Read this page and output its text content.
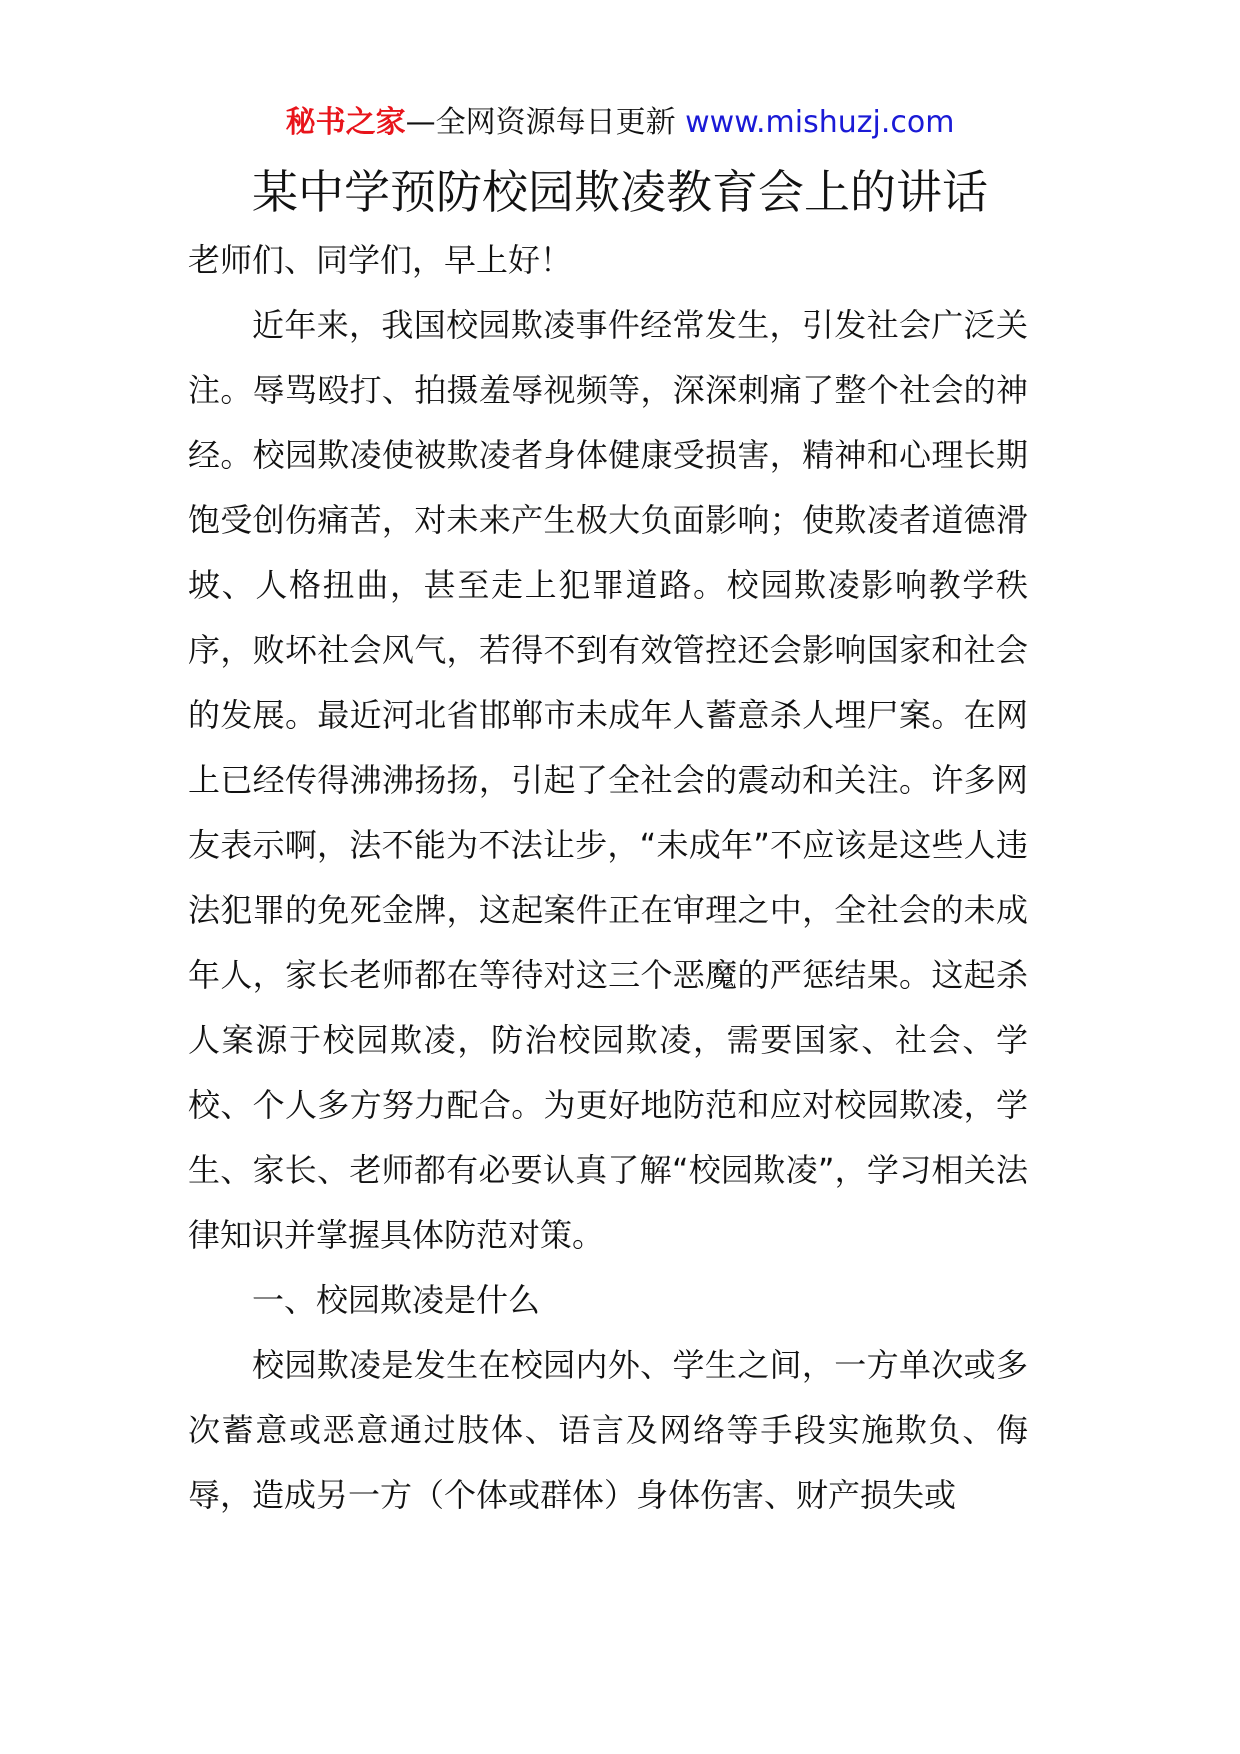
秘书之家—全网资源每日更新 www.mishuzj.com
某中学预防校园欺凌教育会上的讲话

老师们、同学们，早上好！

近年来，我国校园欺凌事件经常发生，引发社会广泛关注。辱骂殴打、拍摄羞辱视频等，深深刺痛了整个社会的神经。校园欺凌使被欺凌者身体健康受损害，精神和心理长期饱受创伤痛苦，对未来产生极大负面影响；使欺凌者道德滑坡、人格扭曲，甚至走上犯罪道路。校园欺凌影响教学秩序，败坏社会风气，若得不到有效管控还会影响国家和社会的发展。最近河北省邯郸市未成年人蓄意杀人埋尸案。在网上已经传得沸沸扬扬，引起了全社会的震动和关注。许多网友表示啊，法不能为不法让步，“未成年”不应该是这些人违法犯罪的免死金牌，这起案件正在审理之中，全社会的未成年人，家长老师都在等待对这三个恶魔的严惩结果。这起杀人案源于校园欺凌，防治校园欺凌，需要国家、社会、学校、个人多方努力配合。为更好地防范和应对校园欺凌，学生、家长、老师都有必要认真了解“校园欺凌”，学习相关法律知识并掌握具体防范对策。

一、校园欺凌是什么

校园欺凌是发生在校园内外、学生之间，一方单次或多次蓄意或恶意通过肢体、语言及网络等手段实施欺负、侮辱，造成另一方（个体或群体）身体伤害、财产损失或
